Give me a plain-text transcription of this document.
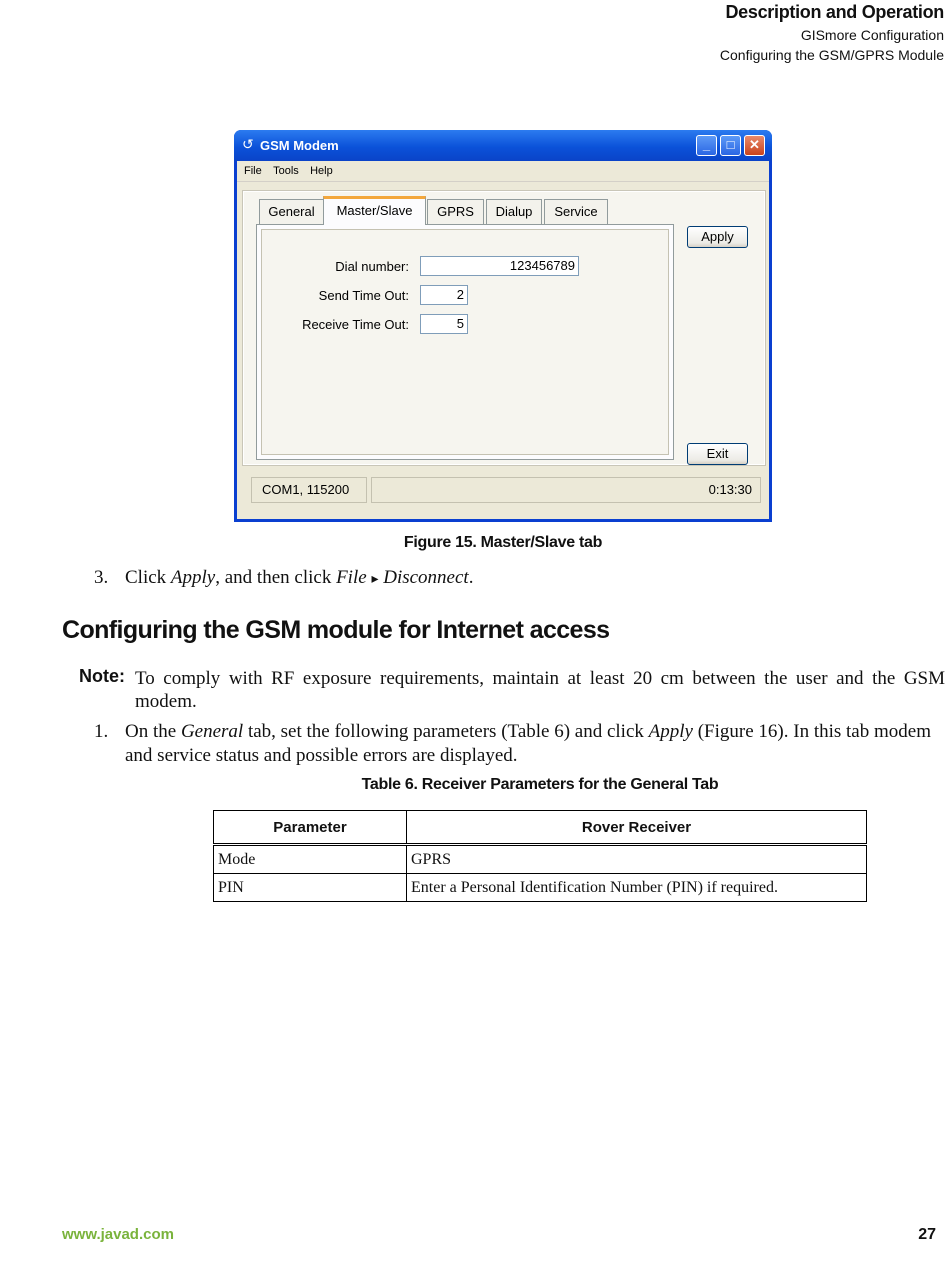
Description and Operation
GISmore Configuration
Configuring the GSM/GPRS Module
↺ GSM Modem	_	□	✕
File Tools Help
General	Master/Slave	GPRS	Dialup	Service
Dial number:	123456789
Send Time Out:	2
Receive Time Out:	5
Apply
Exit
COM1, 115200	0:13:30
Figure 15. Master/Slave tab
3. Click Apply, and then click File ▸ Disconnect.
Configuring the GSM module for Internet access
Note: To comply with RF exposure requirements, maintain at least 20 cm between the user and the GSM modem.
1. On the General tab, set the following parameters (Table 6) and click Apply (Figure 16). In this tab modem and service status and possible errors are displayed.
Table 6. Receiver Parameters for the General Tab
Parameter	Rover Receiver
Mode	GPRS
PIN	Enter a Personal Identification Number (PIN) if required.
www.javad.com	27
